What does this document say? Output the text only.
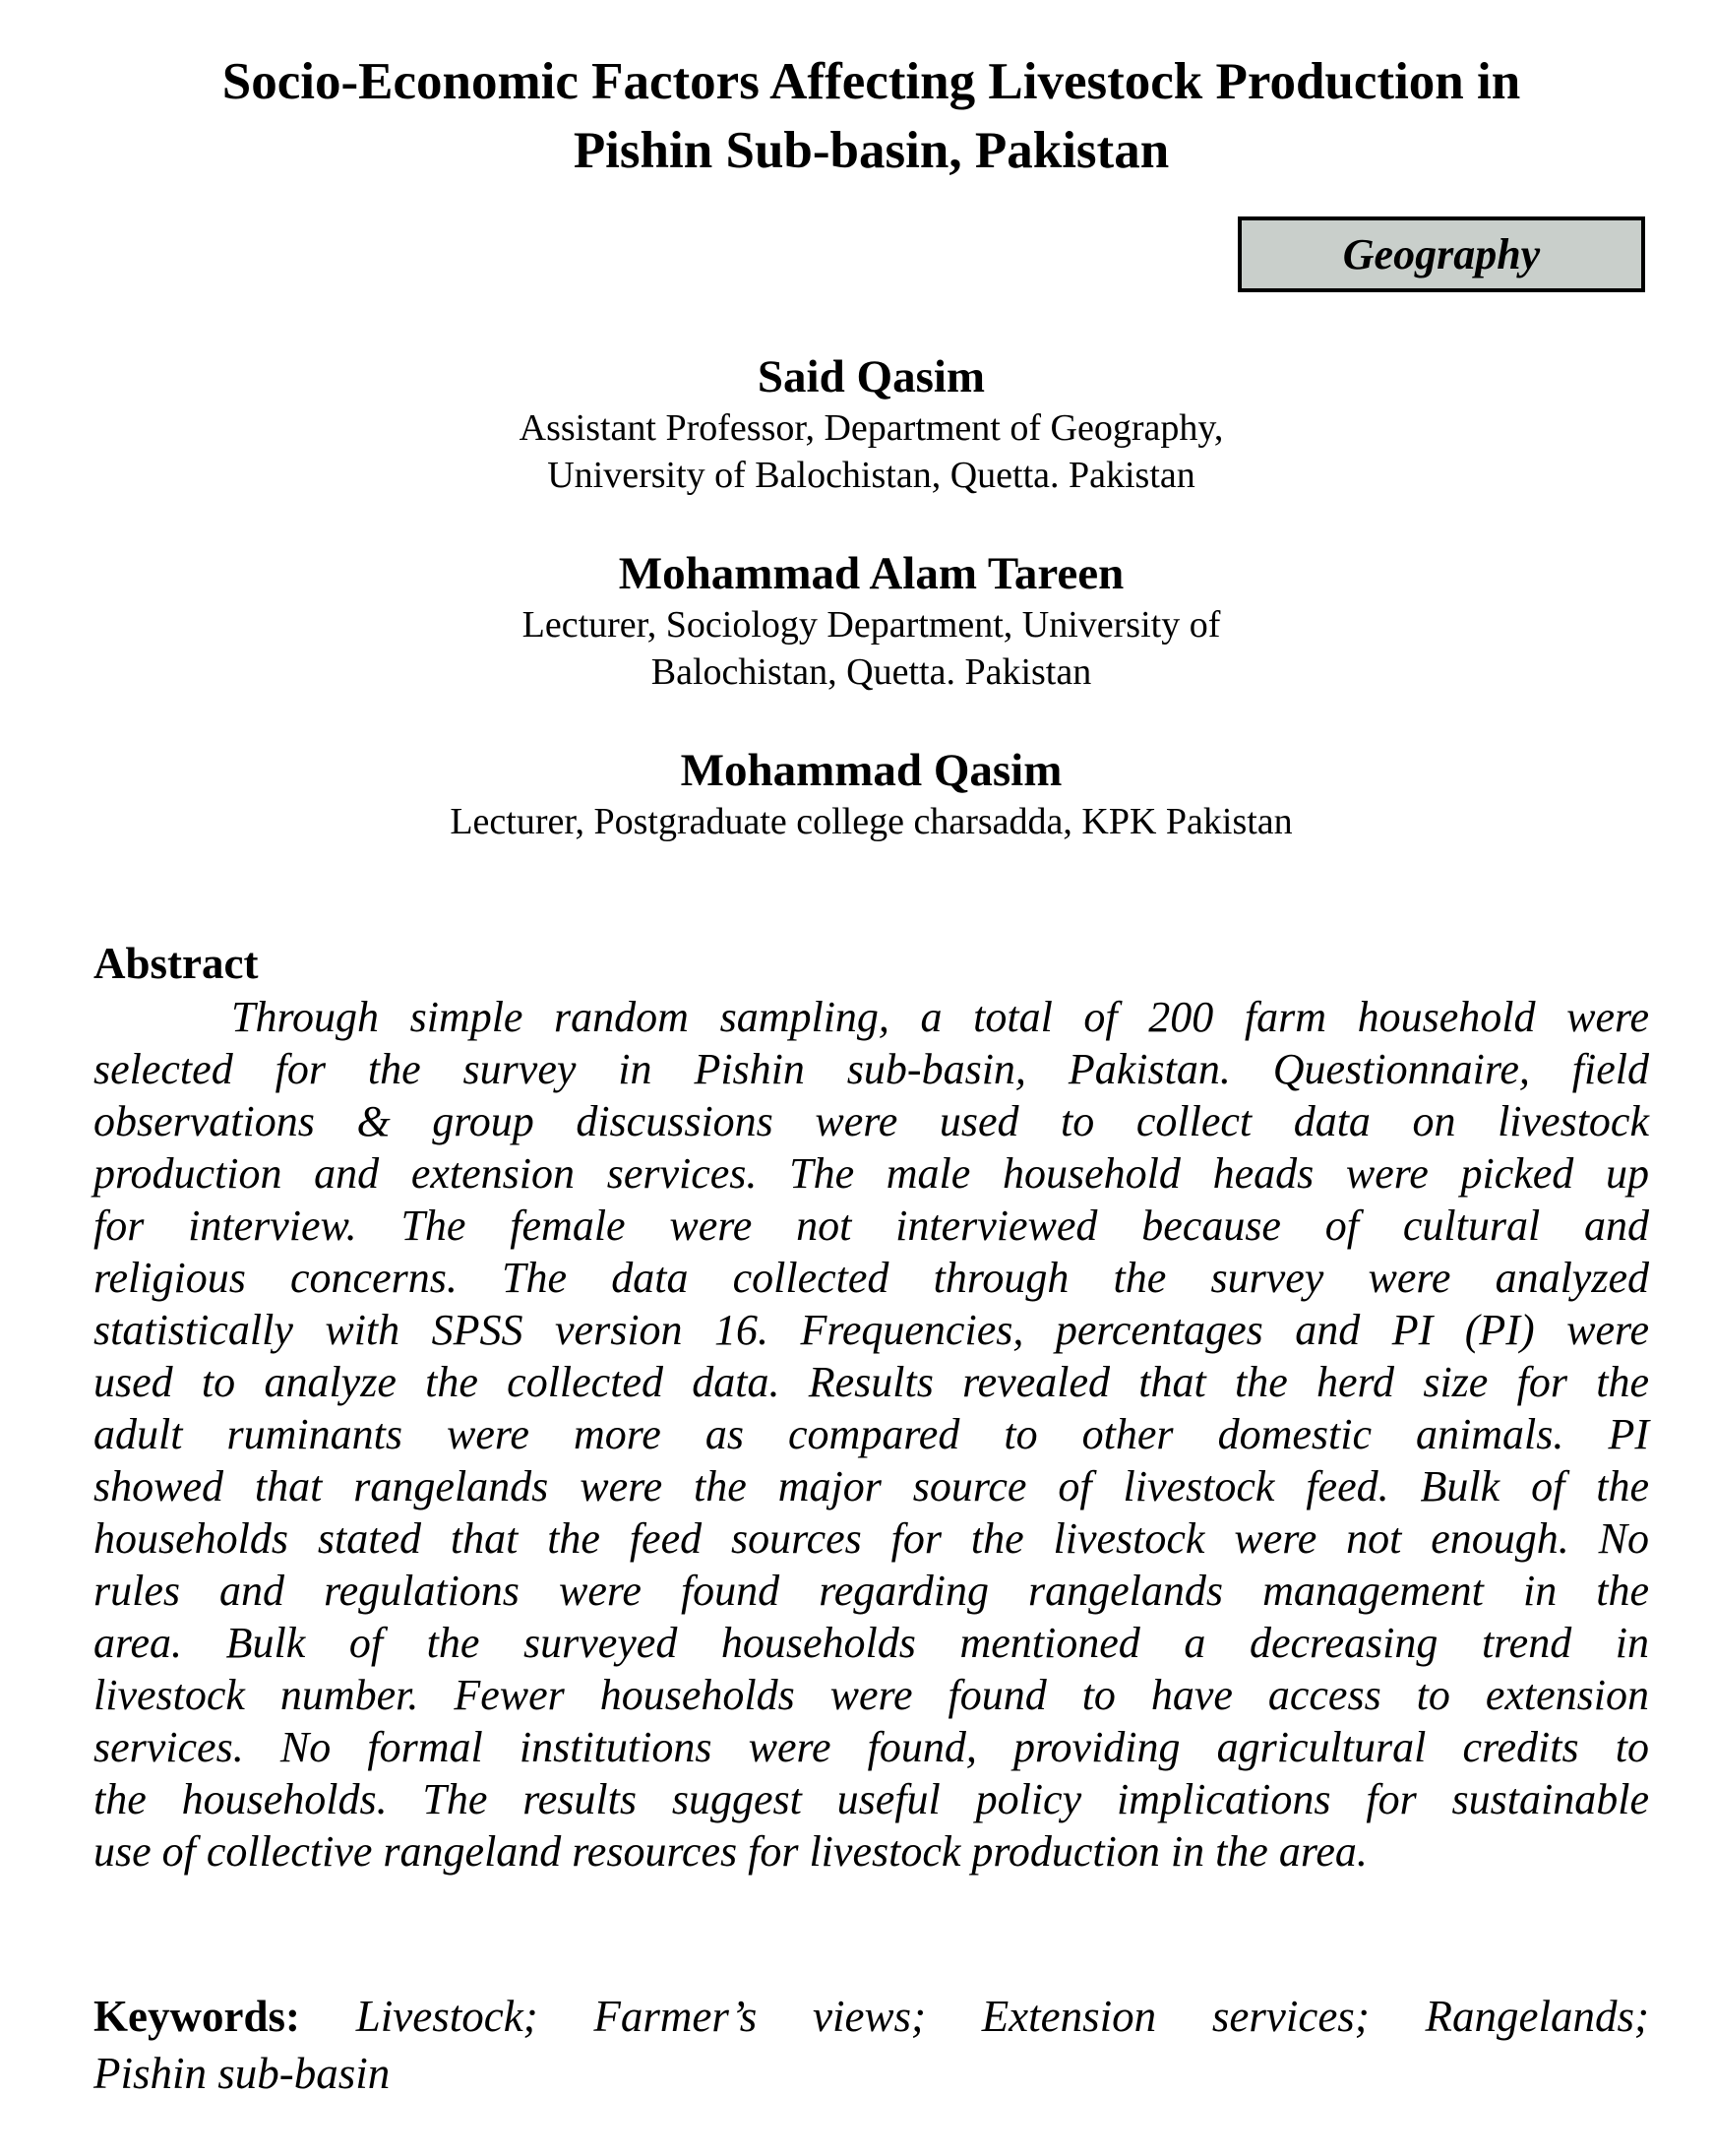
Socio-Economic Factors Affecting Livestock Production in
Pishin Sub-basin, Pakistan
Geography
Said Qasim
Assistant Professor, Department of Geography,
University of Balochistan, Quetta. Pakistan
Mohammad Alam Tareen
Lecturer, Sociology Department, University of
Balochistan, Quetta. Pakistan
Mohammad Qasim
Lecturer, Postgraduate college charsadda, KPK Pakistan
Abstract
Through simple random sampling, a total of 200 farm household were
selected for the survey in Pishin sub-basin, Pakistan. Questionnaire, field
observations & group discussions were used to collect data on livestock
production and extension services. The male household heads were picked up
for interview. The female were not interviewed because of cultural and
religious concerns. The data collected through the survey were analyzed
statistically with SPSS version 16. Frequencies, percentages and PI (PI) were
used to analyze the collected data. Results revealed that the herd size for the
adult ruminants were more as compared to other domestic animals. PI
showed that rangelands were the major source of livestock feed. Bulk of the
households stated that the feed sources for the livestock were not enough. No
rules and regulations were found regarding rangelands management in the
area. Bulk of the surveyed households mentioned a decreasing trend in
livestock number. Fewer households were found to have access to extension
services. No formal institutions were found, providing agricultural credits to
the households. The results suggest useful policy implications for sustainable
use of collective rangeland resources for livestock production in the area.
Keywords: Livestock; Farmer’s views; Extension services; Rangelands;
Pishin sub-basin
